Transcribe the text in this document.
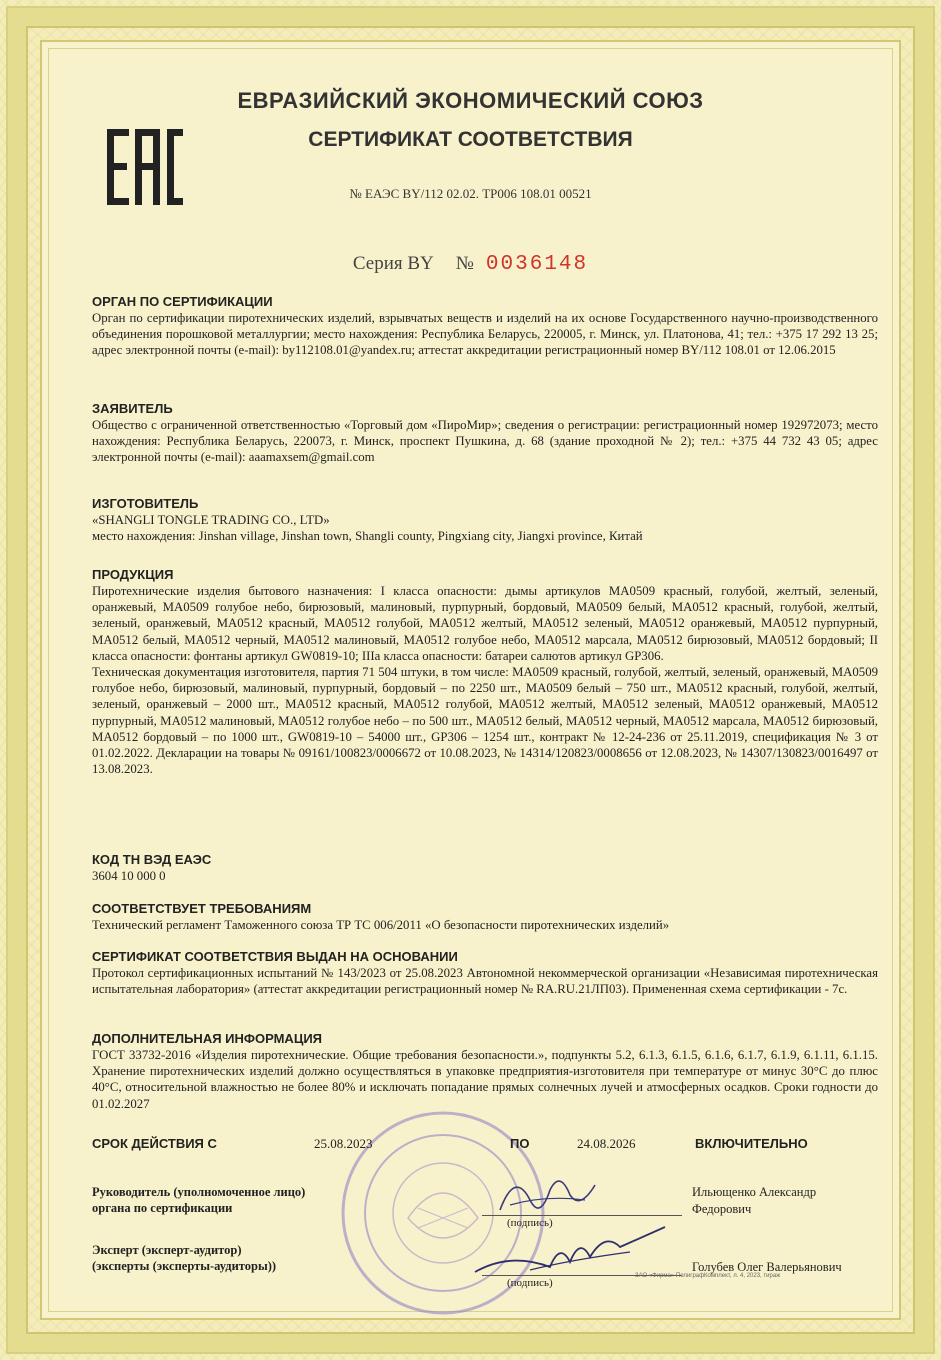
ЕВРАЗИЙСКИЙ ЭКОНОМИЧЕСКИЙ СОЮЗ
СЕРТИФИКАТ СООТВЕТСТВИЯ
№ ЕАЭС BY/112 02.02. ТР006 108.01 00521
Серия BY № 0036148
ОРГАН ПО СЕРТИФИКАЦИИ
Орган по сертификации пиротехнических изделий, взрывчатых веществ и изделий на их основе Государственного научно-производственного объединения порошковой металлургии; место нахождения: Республика Беларусь, 220005, г. Минск, ул. Платонова, 41; тел.: +375 17 292 13 25; адрес электронной почты (e-mail): by112108.01@yandex.ru; аттестат аккредитации регистрационный номер BY/112 108.01 от 12.06.2015
ЗАЯВИТЕЛЬ
Общество с ограниченной ответственностью «Торговый дом «ПироМир»; сведения о регистрации: регистрационный номер 192972073; место нахождения: Республика Беларусь, 220073, г. Минск, проспект Пушкина, д. 68 (здание проходной № 2); тел.: +375 44 732 43 05; адрес электронной почты (e-mail): aaamaxsem@gmail.com
ИЗГОТОВИТЕЛЬ
«SHANGLI TONGLE TRADING CO., LTD»
место нахождения: Jinshan village, Jinshan town, Shangli county, Pingxiang city, Jiangxi province, Китай
ПРОДУКЦИЯ
Пиротехнические изделия бытового назначения: I класса опасности: дымы артикулов MA0509 красный, голубой, желтый, зеленый, оранжевый, MA0509 голубое небо, бирюзовый, малиновый, пурпурный, бордовый, MA0509 белый, MA0512 красный, голубой, желтый, зеленый, оранжевый, MA0512 красный, MA0512 голубой, MA0512 желтый, MA0512 зеленый, MA0512 оранжевый, MA0512 пурпурный, MA0512 белый, MA0512 черный, MA0512 малиновый, MA0512 голубое небо, MA0512 марсала, MA0512 бирюзовый, MA0512 бордовый; II класса опасности: фонтаны артикул GW0819-10; IIIа класса опасности: батареи салютов артикул GP306.
Техническая документация изготовителя, партия 71 504 штуки, в том числе: MA0509 красный, голубой, желтый, зеленый, оранжевый, MA0509 голубое небо, бирюзовый, малиновый, пурпурный, бордовый – по 2250 шт., MA0509 белый – 750 шт., MA0512 красный, голубой, желтый, зеленый, оранжевый – 2000 шт., MA0512 красный, MA0512 голубой, MA0512 желтый, MA0512 зеленый, MA0512 оранжевый, MA0512 пурпурный, MA0512 малиновый, MA0512 голубое небо – по 500 шт., MA0512 белый, MA0512 черный, MA0512 марсала, MA0512 бирюзовый, MA0512 бордовый – по 1000 шт., GW0819-10 – 54000 шт., GP306 – 1254 шт., контракт № 12-24-236 от 25.11.2019, спецификация № 3 от 01.02.2022. Декларации на товары № 09161/100823/0006672 от 10.08.2023, № 14314/120823/0008656 от 12.08.2023, № 14307/130823/0016497 от 13.08.2023.
КОД ТН ВЭД ЕАЭС
3604 10 000 0
СООТВЕТСТВУЕТ ТРЕБОВАНИЯМ
Технический регламент Таможенного союза ТР ТС 006/2011 «О безопасности пиротехнических изделий»
СЕРТИФИКАТ СООТВЕТСТВИЯ ВЫДАН НА ОСНОВАНИИ
Протокол сертификационных испытаний № 143/2023 от 25.08.2023 Автономной некоммерческой организации «Независимая пиротехническая испытательная лаборатория» (аттестат аккредитации регистрационный номер № RA.RU.21ЛП03). Примененная схема сертификации - 7с.
ДОПОЛНИТЕЛЬНАЯ ИНФОРМАЦИЯ
ГОСТ 33732-2016 «Изделия пиротехнические. Общие требования безопасности.», подпункты 5.2, 6.1.3, 6.1.5, 6.1.6, 6.1.7, 6.1.9, 6.1.11, 6.1.15. Хранение пиротехнических изделий должно осуществляться в упаковке предприятия-изготовителя при температуре от минус 30°С до плюс 40°С, относительной влажностью не более 80% и исключать попадание прямых солнечных лучей и атмосферных осадков. Сроки годности до 01.02.2027
СРОК ДЕЙСТВИЯ С	25.08.2023	ПО	24.08.2026	ВКЛЮЧИТЕЛЬНО
Руководитель (уполномоченное лицо)
органа по сертификации
(подпись)
Ильющенко Александр
Федорович
Эксперт (эксперт-аудитор)
(эксперты (эксперты-аудиторы))
(подпись)
Голубев Олег Валерьянович
ЗАО «Фирма» ПолиграфКомплект, л. 4, 2023, тираж
